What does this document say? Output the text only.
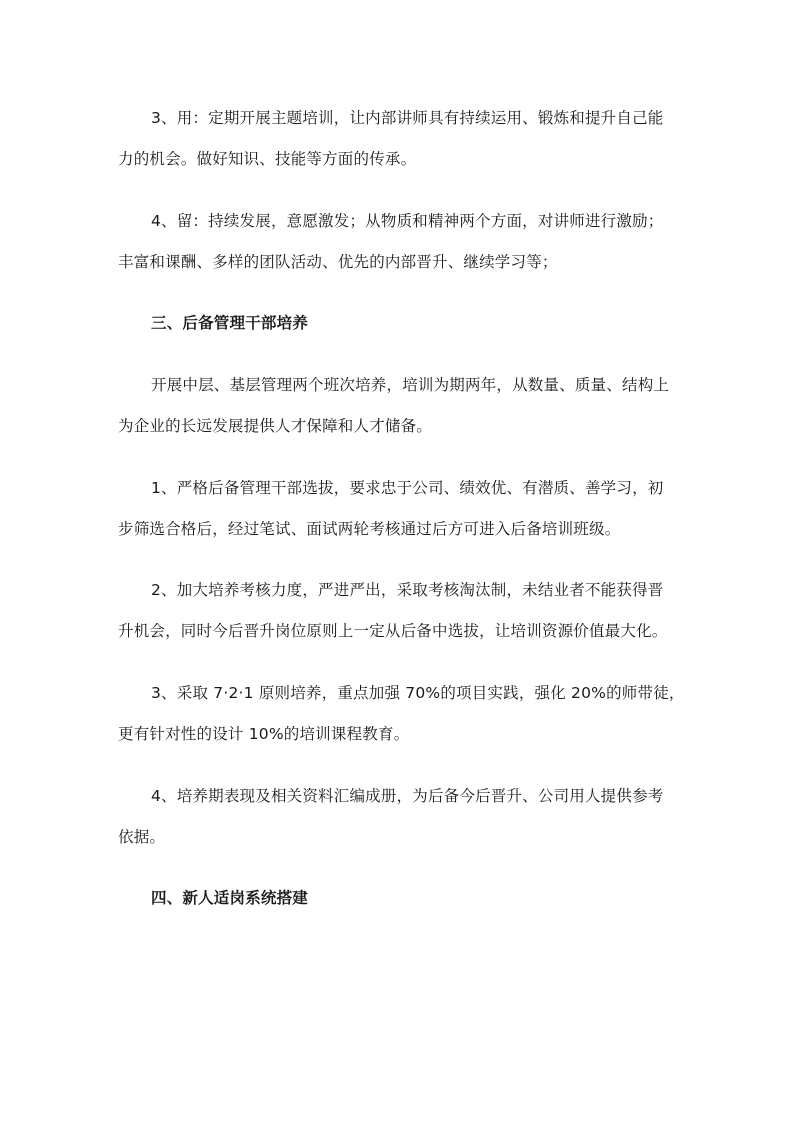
3、用：定期开展主题培训，让内部讲师具有持续运用、锻炼和提升自己能
力的机会。做好知识、技能等方面的传承。
4、留：持续发展，意愿激发；从物质和精神两个方面，对讲师进行激励；
丰富和课酬、多样的团队活动、优先的内部晋升、继续学习等；
三、后备管理干部培养
开展中层、基层管理两个班次培养，培训为期两年，从数量、质量、结构上
为企业的长远发展提供人才保障和人才储备。
1、严格后备管理干部选拔，要求忠于公司、绩效优、有潜质、善学习，初
步筛选合格后，经过笔试、面试两轮考核通过后方可进入后备培训班级。
2、加大培养考核力度，严进严出，采取考核淘汰制，未结业者不能获得晋
升机会，同时今后晋升岗位原则上一定从后备中选拔，让培训资源价值最大化。
3、采取 7·2·1 原则培养，重点加强 70%的项目实践，强化 20%的师带徒，
更有针对性的设计 10%的培训课程教育。
4、培养期表现及相关资料汇编成册，为后备今后晋升、公司用人提供参考
依据。
四、新人适岗系统搭建
